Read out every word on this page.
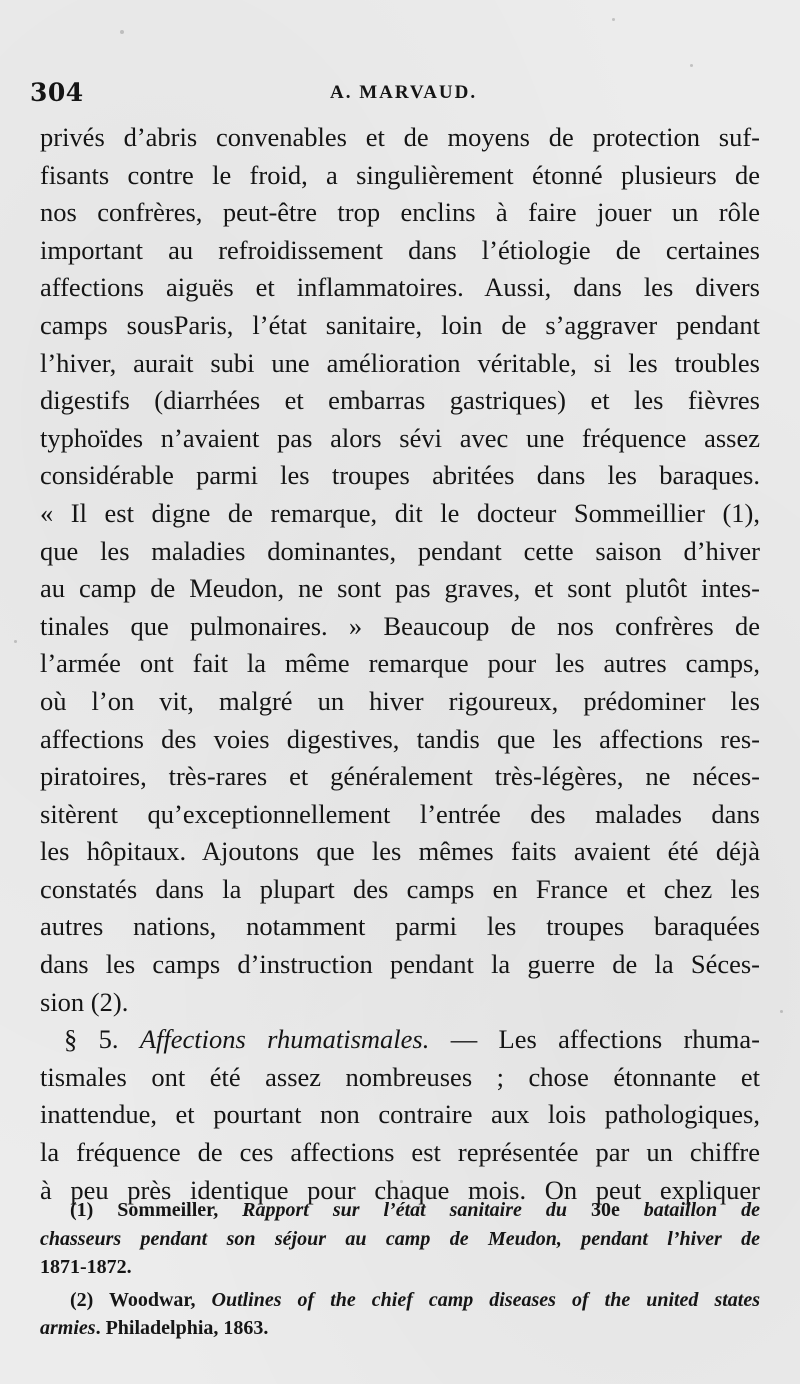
304	A. MARVAUD.
privés d’abris convenables et de moyens de protection suf-
fisants contre le froid, a singulièrement étonné plusieurs de
nos confrères, peut-être trop enclins à faire jouer un rôle
important au refroidissement dans l’étiologie de certaines
affections aiguës et inflammatoires. Aussi, dans les divers
camps sousParis, l’état sanitaire, loin de s’aggraver pendant
l’hiver, aurait subi une amélioration véritable, si les troubles
digestifs (diarrhées et embarras gastriques) et les fièvres
typhoïdes n’avaient pas alors sévi avec une fréquence assez
considérable parmi les troupes abritées dans les baraques.
« Il est digne de remarque, dit le docteur Sommeillier (1),
que les maladies dominantes, pendant cette saison d’hiver
au camp de Meudon, ne sont pas graves, et sont plutôt intes-
tinales que pulmonaires. » Beaucoup de nos confrères de
l’armée ont fait la même remarque pour les autres camps,
où l’on vit, malgré un hiver rigoureux, prédominer les
affections des voies digestives, tandis que les affections res-
piratoires, très-rares et généralement très-légères, ne néces-
sitèrent qu’exceptionnellement l’entrée des malades dans
les hôpitaux. Ajoutons que les mêmes faits avaient été déjà
constatés dans la plupart des camps en France et chez les
autres nations, notamment parmi les troupes baraquées
dans les camps d’instruction pendant la guerre de la Séces-
sion (2).
§ 5. Affections rhumatismales. — Les affections rhuma-
tismales ont été assez nombreuses ; chose étonnante et
inattendue, et pourtant non contraire aux lois pathologiques,
la fréquence de ces affections est représentée par un chiffre
à peu près identique pour chaque mois. On peut expliquer
(1) Sommeiller, Rapport sur l’état sanitaire du 30e bataillon de
chasseurs pendant son séjour au camp de Meudon, pendant l’hiver de
1871-1872.
(2) Woodwar, Outlines of the chief camp diseases of the united states
armies. Philadelphia, 1863.
